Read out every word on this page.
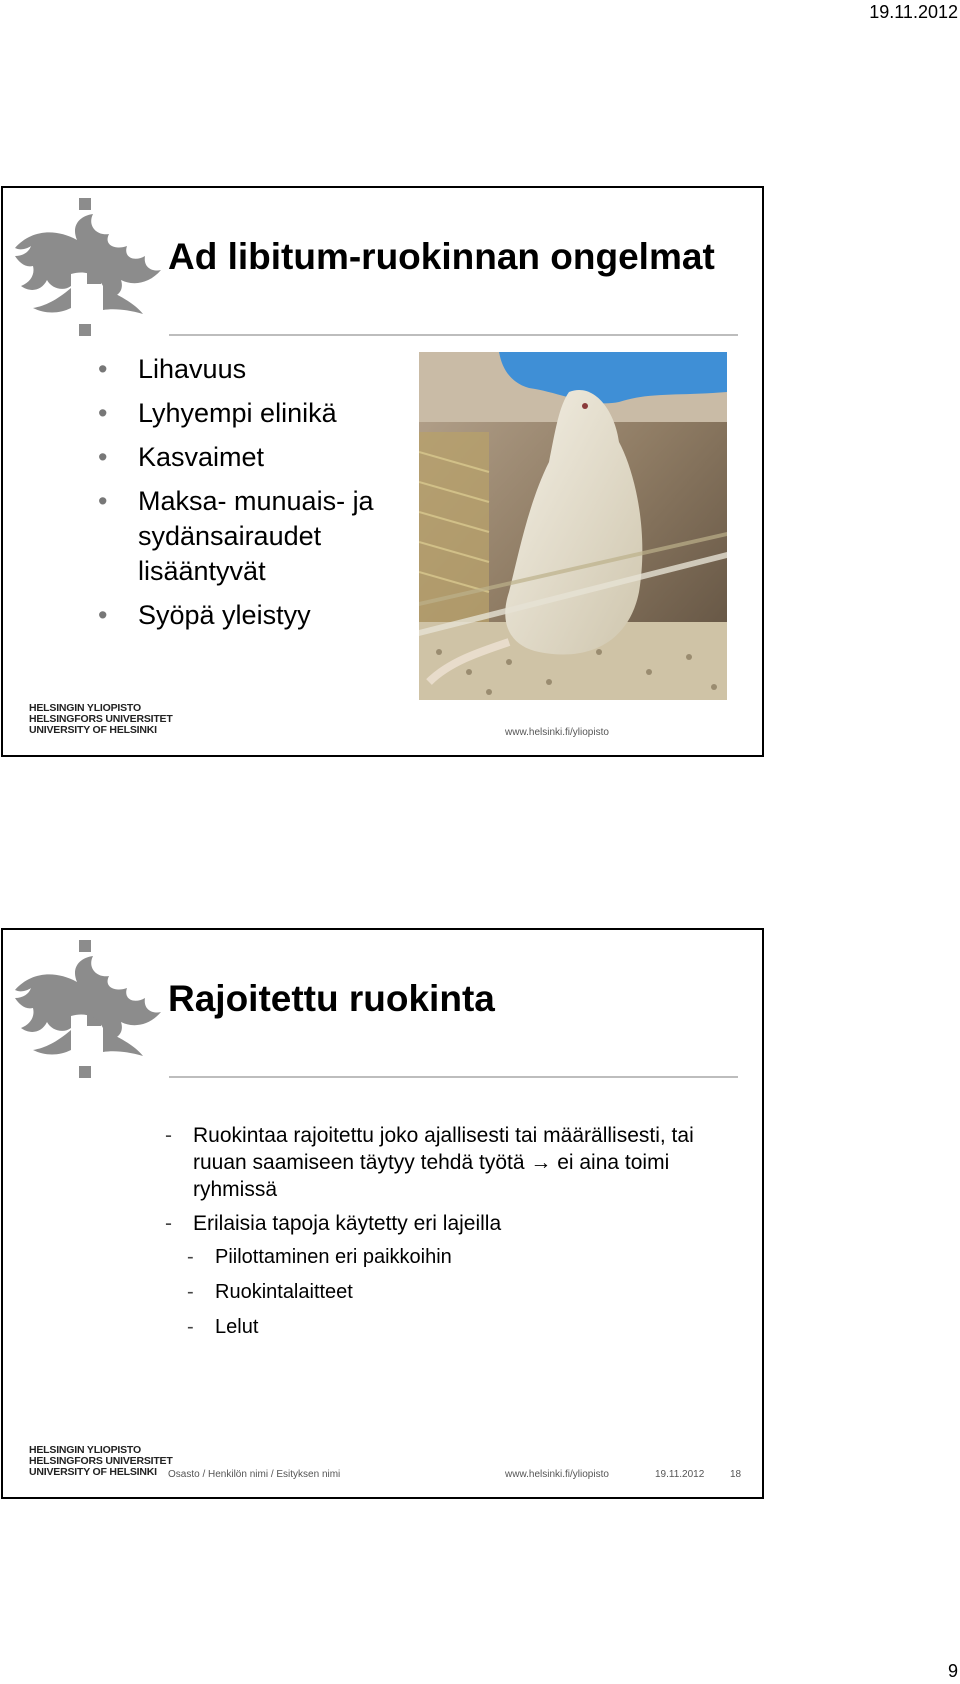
19.11.2012
Ad libitum-ruokinnan ongelmat
• Lihavuus
• Lyhyempi elinikä
• Kasvaimet
• Maksa- munuais- ja sydänsairaudet lisääntyvät
• Syöpä yleistyy
HELSINGIN YLIOPISTO
HELSINGFORS UNIVERSITET
UNIVERSITY OF HELSINKI	www.helsinki.fi/yliopisto
Rajoitettu ruokinta
- Ruokintaa rajoitettu joko ajallisesti tai määrällisesti, tai ruuan saamiseen täytyy tehdä työtä → ei aina toimi ryhmissä
- Erilaisia tapoja käytetty eri lajeilla
- Piilottaminen eri paikkoihin
- Ruokintalaitteet
- Lelut
HELSINGIN YLIOPISTO
HELSINGFORS UNIVERSITET
UNIVERSITY OF HELSINKI	Osasto / Henkilön nimi / Esityksen nimi	www.helsinki.fi/yliopisto	19.11.2012	18
9
